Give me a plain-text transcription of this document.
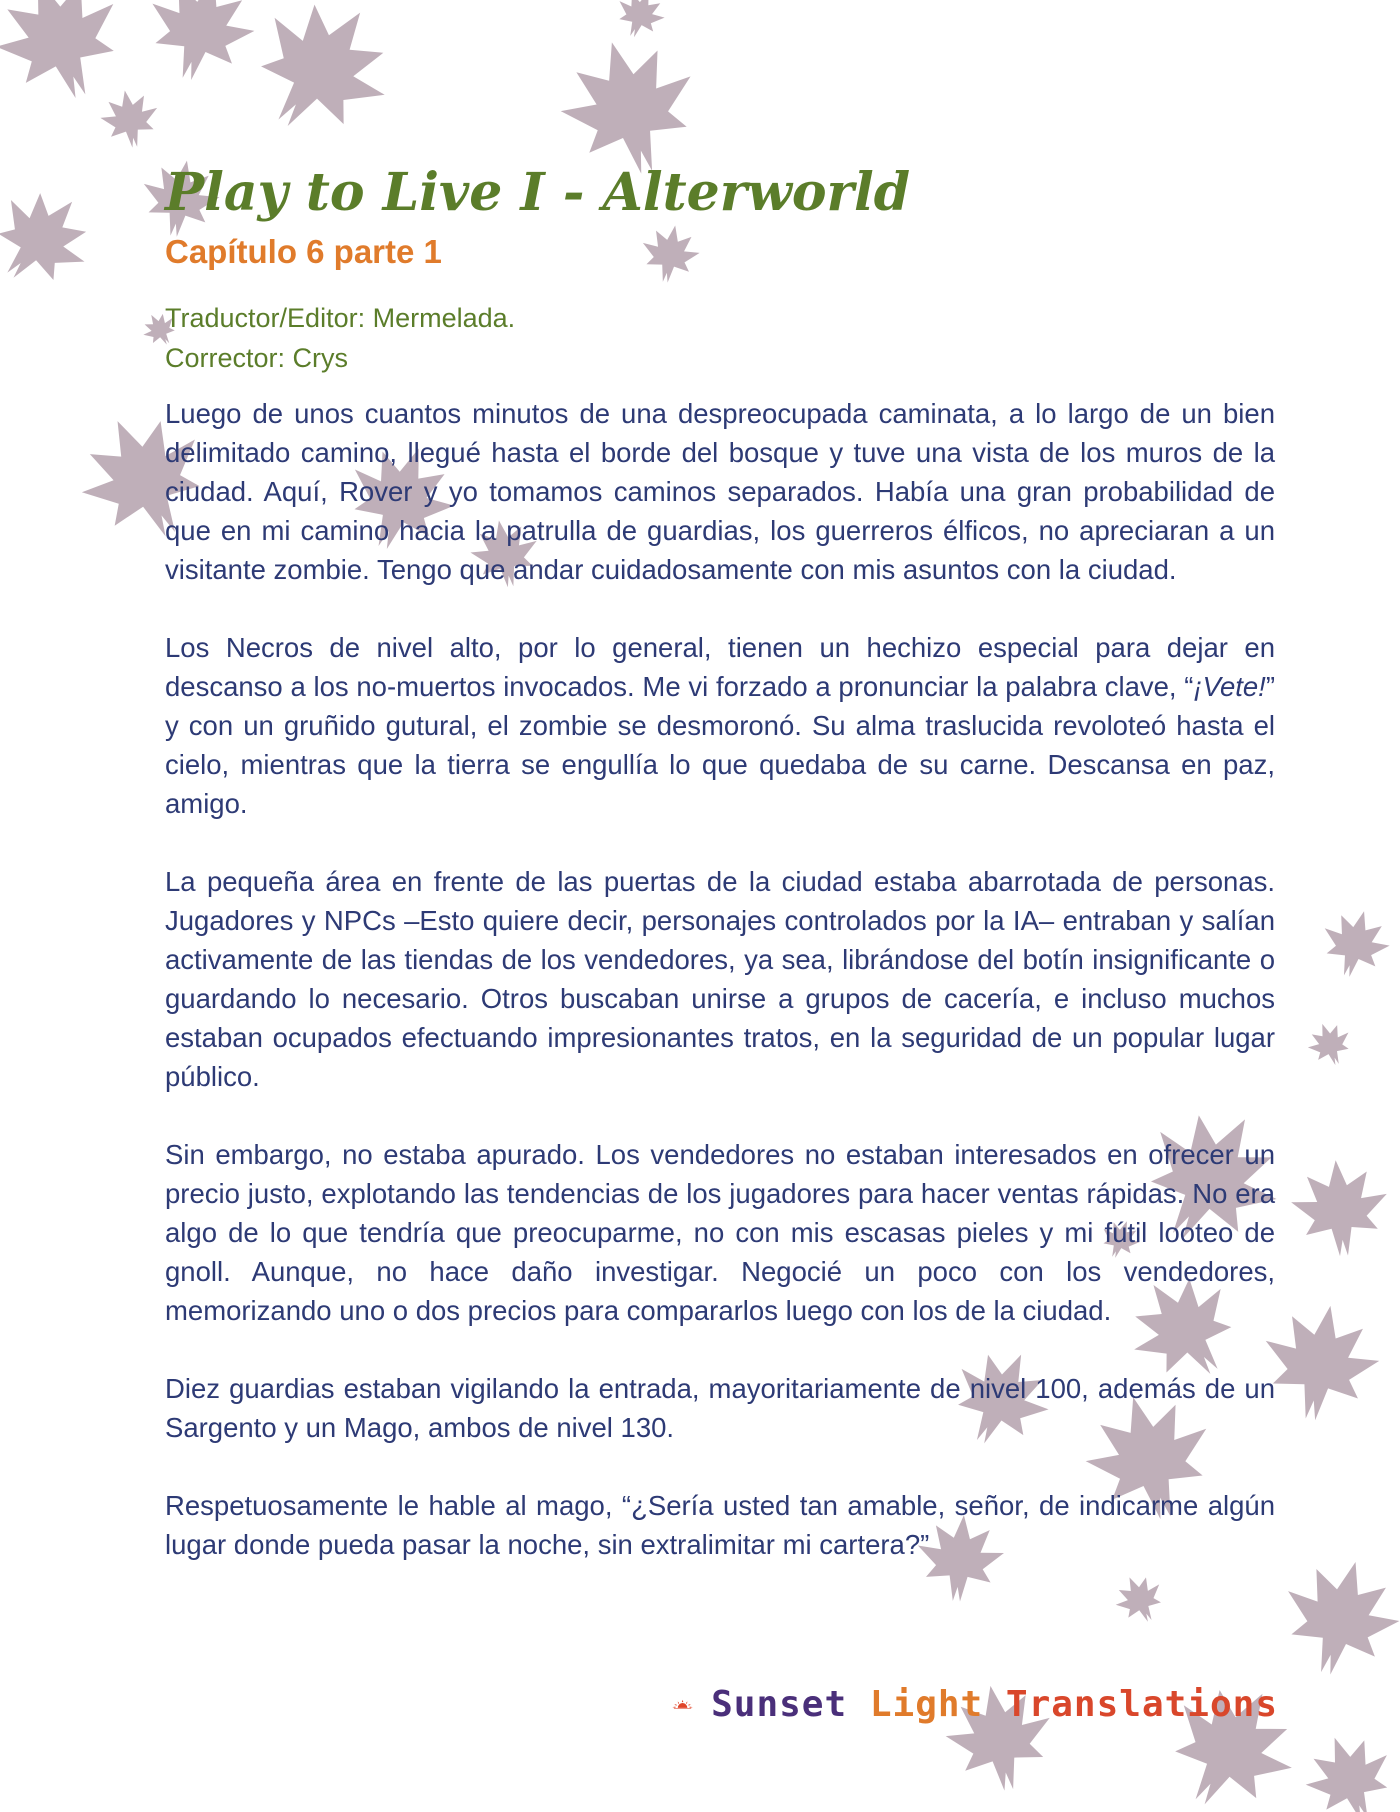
Play to Live I - Alterworld
Capítulo 6 parte 1

Traductor/Editor: Mermelada.

Corrector: Crys

Luego de unos cuantos minutos de una despreocupada caminata, a lo largo de un bien delimitado camino, llegué hasta el borde del bosque y tuve una vista de los muros de la ciudad. Aquí, Rover y yo tomamos caminos separados. Había una gran probabilidad de que en mi camino hacia la patrulla de guardias, los guerreros élficos, no apreciaran a un visitante zombie. Tengo que andar cuidadosamente con mis asuntos con la ciudad.

Los Necros de nivel alto, por lo general, tienen un hechizo especial para dejar en descanso a los no-muertos invocados. Me vi forzado a pronunciar la palabra clave, “¡Vete!” y con un gruñido gutural, el zombie se desmoronó. Su alma traslucida revoloteó hasta el cielo, mientras que la tierra se engullía lo que quedaba de su carne. Descansa en paz, amigo.

La pequeña área en frente de las puertas de la ciudad estaba abarrotada de personas. Jugadores y NPCs –Esto quiere decir, personajes controlados por la IA– entraban y salían activamente de las tiendas de los vendedores, ya sea, librándose del botín insignificante o guardando lo necesario. Otros buscaban unirse a grupos de cacería, e incluso muchos estaban ocupados efectuando impresionantes tratos, en la seguridad de un popular lugar público.

Sin embargo, no estaba apurado. Los vendedores no estaban interesados en ofrecer un precio justo, explotando las tendencias de los jugadores para hacer ventas rápidas. No era algo de lo que tendría que preocuparme, no con mis escasas pieles y mi fútil looteo de gnoll. Aunque, no hace daño investigar. Negocié un poco con los vendedores, memorizando uno o dos precios para compararlos luego con los de la ciudad.

Diez guardias estaban vigilando la entrada, mayoritariamente de nivel 100, además de un Sargento y un Mago, ambos de nivel 130.

Respetuosamente le hable al mago, “¿Sería usted tan amable, señor, de indicarme algún lugar donde pueda pasar la noche, sin extralimitar mi cartera?”

Sunset Light Translations
